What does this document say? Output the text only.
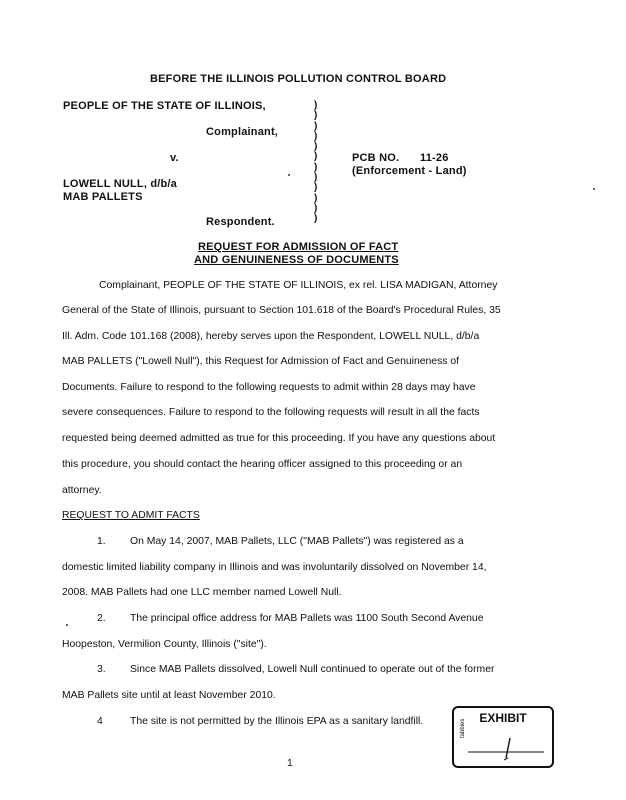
BEFORE THE ILLINOIS POLLUTION CONTROL BOARD
PEOPLE OF THE STATE OF ILLINOIS,
Complainant,
v.
LOWELL NULL, d/b/a
MAB PALLETS
Respondent.
)
)
)
)
)
)
)
)
)
)
)
)
PCB NO. 11-26
(Enforcement - Land)
REQUEST FOR ADMISSION OF FACT
AND GENUINENESS OF DOCUMENTS
Complainant, PEOPLE OF THE STATE OF ILLINOIS, ex rel. LISA MADIGAN, Attorney
General of the State of Illinois, pursuant to Section 101.618 of the Board's Procedural Rules, 35
Ill. Adm. Code 101.168 (2008), hereby serves upon the Respondent, LOWELL NULL, d/b/a
MAB PALLETS ("Lowell Null"), this Request for Admission of Fact and Genuineness of
Documents. Failure to respond to the following requests to admit within 28 days may have
severe consequences. Failure to respond to the following requests will result in all the facts
requested being deemed admitted as true for this proceeding. If you have any questions about
this procedure, you should contact the hearing officer assigned to this proceeding or an
attorney.
REQUEST TO ADMIT FACTS
1. On May 14, 2007, MAB Pallets, LLC ("MAB Pallets") was registered as a
domestic limited liability company in Illinois and was involuntarily dissolved on November 14,
2008. MAB Pallets had one LLC member named Lowell Null.
2. The principal office address for MAB Pallets was 1100 South Second Avenue
Hoopeston, Vermilion County, Illinois ("site").
3. Since MAB Pallets dissolved, Lowell Null continued to operate out of the former
MAB Pallets site until at least November 2010.
4	The site is not permitted by the Illinois EPA as a sanitary landfill.	EXHIBIT
tabbies
1
